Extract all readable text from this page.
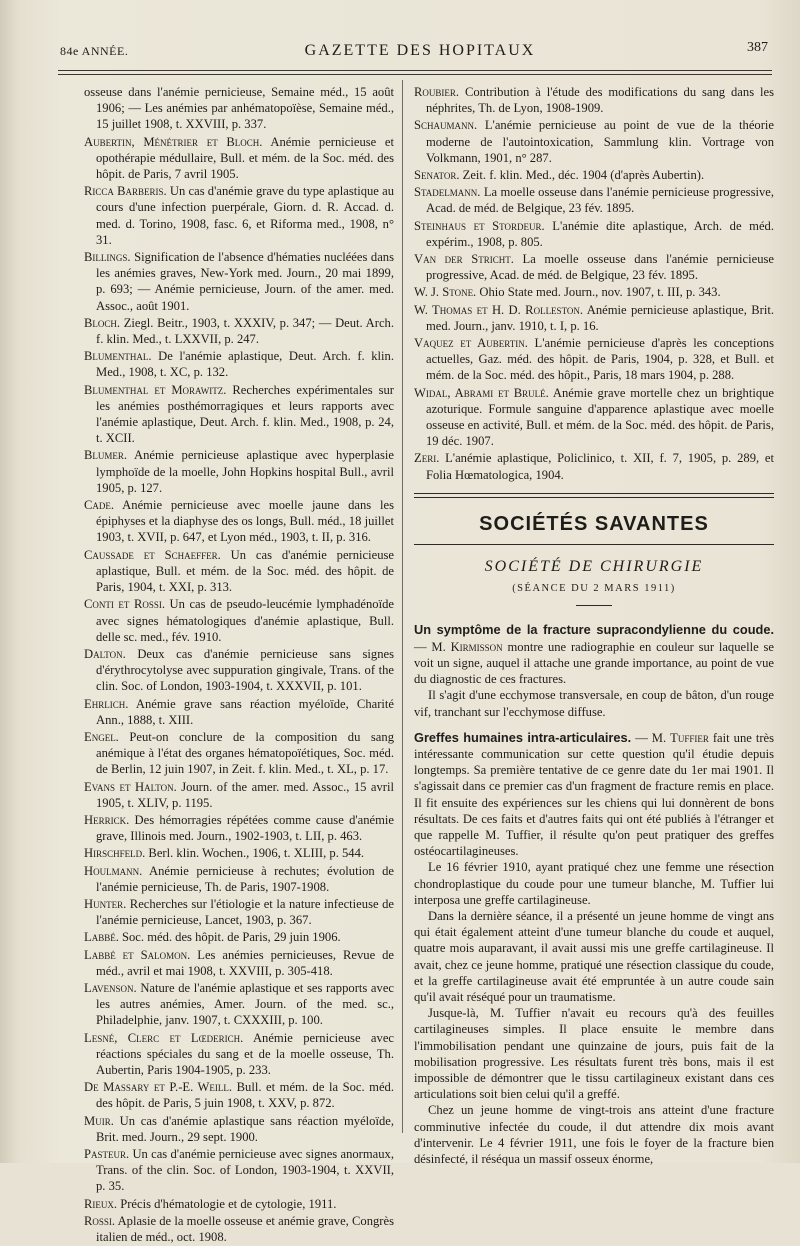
84e ANNÉE.	GAZETTE DES HOPITAUX	387

osseuse dans l'anémie pernicieuse, Semaine méd., 15 août 1906; — Les anémies par anhématopoïèse, Semaine méd., 15 juillet 1908, t. XXVIII, p. 337.

Aubertin, Ménétrier et Bloch. Anémie pernicieuse et opothérapie médullaire, Bull. et mém. de la Soc. méd. des hôpit. de Paris, 7 avril 1905.

Ricca Barberis. Un cas d'anémie grave du type aplastique au cours d'une infection puerpérale, Giorn. d. R. Accad. d. med. d. Torino, 1908, fasc. 6, et Riforma med., 1908, n° 31.

Billings. Signification de l'absence d'hématies nucléées dans les anémies graves, New-York med. Journ., 20 mai 1899, p. 693; — Anémie pernicieuse, Journ. of the amer. med. Assoc., août 1901.

Bloch. Ziegl. Beitr., 1903, t. XXXIV, p. 347; — Deut. Arch. f. klin. Med., t. LXXVII, p. 247.

Blumenthal. De l'anémie aplastique, Deut. Arch. f. klin. Med., 1908, t. XC, p. 132.

Blumenthal et Morawitz. Recherches expérimentales sur les anémies posthémorragiques et leurs rapports avec l'anémie aplastique, Deut. Arch. f. klin. Med., 1908, p. 24, t. XCII.

Blumer. Anémie pernicieuse aplastique avec hyperplasie lymphoïde de la moelle, John Hopkins hospital Bull., avril 1905, p. 127.

Cade. Anémie pernicieuse avec moelle jaune dans les épiphyses et la diaphyse des os longs, Bull. méd., 18 juillet 1903, t. XVII, p. 647, et Lyon méd., 1903, t. II, p. 316.

Caussade et Schaeffer. Un cas d'anémie pernicieuse aplastique, Bull. et mém. de la Soc. méd. des hôpit. de Paris, 1904, t. XXI, p. 313.

Conti et Rossi. Un cas de pseudo-leucémie lymphadénoïde avec signes hématologiques d'anémie aplastique, Bull. delle sc. med., fév. 1910.

Dalton. Deux cas d'anémie pernicieuse sans signes d'érythrocytolyse avec suppuration gingivale, Trans. of the clin. Soc. of London, 1903-1904, t. XXXVII, p. 101.

Ehrlich. Anémie grave sans réaction myéloïde, Charité Ann., 1888, t. XIII.

Engel. Peut-on conclure de la composition du sang anémique à l'état des organes hématopoïétiques, Soc. méd. de Berlin, 12 juin 1907, in Zeit. f. klin. Med., t. XL, p. 17.

Evans et Halton. Journ. of the amer. med. Assoc., 15 avril 1905, t. XLIV, p. 1195.

Herrick. Des hémorragies répétées comme cause d'anémie grave, Illinois med. Journ., 1902-1903, t. LII, p. 463.

Hirschfeld. Berl. klin. Wochen., 1906, t. XLIII, p. 544.

Houlmann. Anémie pernicieuse à rechutes; évolution de l'anémie pernicieuse, Th. de Paris, 1907-1908.

Hunter. Recherches sur l'étiologie et la nature infectieuse de l'anémie pernicieuse, Lancet, 1903, p. 367.

Labbé. Soc. méd. des hôpit. de Paris, 29 juin 1906.

Labbé et Salomon. Les anémies pernicieuses, Revue de méd., avril et mai 1908, t. XXVIII, p. 305-418.

Lavenson. Nature de l'anémie aplastique et ses rapports avec les autres anémies, Amer. Journ. of the med. sc., Philadelphie, janv. 1907, t. CXXXIII, p. 100.

Lesné, Clerc et Lœderich. Anémie pernicieuse avec réactions spéciales du sang et de la moelle osseuse, Th. Aubertin, Paris 1904-1905, p. 233.

De Massary et P.-E. Weill. Bull. et mém. de la Soc. méd. des hôpit. de Paris, 5 juin 1908, t. XXV, p. 872.

Muir. Un cas d'anémie aplastique sans réaction myéloïde, Brit. med. Journ., 29 sept. 1900.

Pasteur. Un cas d'anémie pernicieuse avec signes anormaux, Trans. of the clin. Soc. of London, 1903-1904, t. XXVII, p. 35.

Rieux. Précis d'hématologie et de cytologie, 1911.

Rossi. Aplasie de la moelle osseuse et anémie grave, Congrès italien de méd., oct. 1908.

Roubier. Contribution à l'étude des modifications du sang dans les néphrites, Th. de Lyon, 1908-1909.

Schaumann. L'anémie pernicieuse au point de vue de la théorie moderne de l'autointoxication, Sammlung klin. Vortrage von Volkmann, 1901, n° 287.

Senator. Zeit. f. klin. Med., déc. 1904 (d'après Aubertin).

Stadelmann. La moelle osseuse dans l'anémie pernicieuse progressive, Acad. de méd. de Belgique, 23 fév. 1895.

Steinhaus et Stordeur. L'anémie dite aplastique, Arch. de méd. expérim., 1908, p. 805.

Van der Stricht. La moelle osseuse dans l'anémie pernicieuse progressive, Acad. de méd. de Belgique, 23 fév. 1895.

W. J. Stone. Ohio State med. Journ., nov. 1907, t. III, p. 343.

W. Thomas et H. D. Rolleston. Anémie pernicieuse aplastique, Brit. med. Journ., janv. 1910, t. I, p. 16.

Vaquez et Aubertin. L'anémie pernicieuse d'après les conceptions actuelles, Gaz. méd. des hôpit. de Paris, 1904, p. 328, et Bull. et mém. de la Soc. méd. des hôpit., Paris, 18 mars 1904, p. 288.

Widal, Abrami et Brulé. Anémie grave mortelle chez un brightique azoturique. Formule sanguine d'apparence aplastique avec moelle osseuse en activité, Bull. et mém. de la Soc. méd. des hôpit. de Paris, 19 déc. 1907.

Zeri. L'anémie aplastique, Policlinico, t. XII, f. 7, 1905, p. 289, et Folia Hœmatologica, 1904.

SOCIÉTÉS SAVANTES
SOCIÉTÉ DE CHIRURGIE
(SÉANCE DU 2 MARS 1911)

Un symptôme de la fracture supracondylienne du coude. — M. Kirmisson montre une radiographie en couleur sur laquelle se voit un signe, auquel il attache une grande importance, au point de vue du diagnostic de ces fractures.

Il s'agit d'une ecchymose transversale, en coup de bâton, d'un rouge vif, tranchant sur l'ecchymose diffuse.

Greffes humaines intra-articulaires. — M. Tuffier fait une très intéressante communication sur cette question qu'il étudie depuis longtemps. Sa première tentative de ce genre date du 1er mai 1901. Il s'agissait dans ce premier cas d'un fragment de fracture remis en place. Il fit ensuite des expériences sur les chiens qui lui donnèrent de bons résultats. De ces faits et d'autres faits qui ont été publiés à l'étranger et que rappelle M. Tuffier, il résulte qu'on peut pratiquer des greffes ostéocartilagineuses.

Le 16 février 1910, ayant pratiqué chez une femme une résection chondroplastique du coude pour une tumeur blanche, M. Tuffier lui interposa une greffe cartilagineuse.

Dans la dernière séance, il a présenté un jeune homme de vingt ans qui était également atteint d'une tumeur blanche du coude et auquel, quatre mois auparavant, il avait aussi mis une greffe cartilagineuse. Il avait, chez ce jeune homme, pratiqué une résection classique du coude, et la greffe cartilagineuse avait été empruntée à un autre coude sain qu'il avait réséqué pour un traumatisme.

Jusque-là, M. Tuffier n'avait eu recours qu'à des feuilles cartilagineuses simples. Il place ensuite le membre dans l'immobilisation pendant une quinzaine de jours, puis fait de la mobilisation progressive. Les résultats furent très bons, mais il est impossible de démontrer que le tissu cartilagineux existant dans ces articulations soit bien celui qu'il a greffé.

Chez un jeune homme de vingt-trois ans atteint d'une fracture comminutive infectée du coude, il dut attendre dix mois avant d'intervenir. Le 4 février 1911, une fois le foyer de la fracture bien désinfecté, il réséqua un massif osseux énorme,
